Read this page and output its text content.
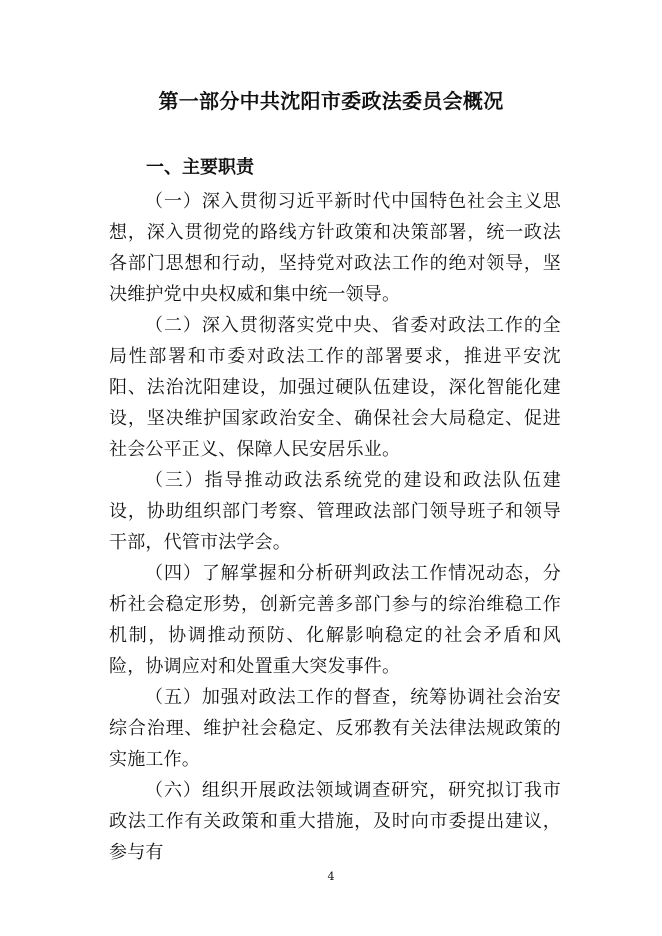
第一部分中共沈阳市委政法委员会概况
一、主要职责

（一）深入贯彻习近平新时代中国特色社会主义思想，深入贯彻党的路线方针政策和决策部署，统一政法各部门思想和行动，坚持党对政法工作的绝对领导，坚决维护党中央权威和集中统一领导。

（二）深入贯彻落实党中央、省委对政法工作的全局性部署和市委对政法工作的部署要求，推进平安沈阳、法治沈阳建设，加强过硬队伍建设，深化智能化建设，坚决维护国家政治安全、确保社会大局稳定、促进社会公平正义、保障人民安居乐业。

（三）指导推动政法系统党的建设和政法队伍建设，协助组织部门考察、管理政法部门领导班子和领导干部，代管市法学会。

（四）了解掌握和分析研判政法工作情况动态，分析社会稳定形势，创新完善多部门参与的综治维稳工作机制，协调推动预防、化解影响稳定的社会矛盾和风险，协调应对和处置重大突发事件。

（五）加强对政法工作的督查，统筹协调社会治安综合治理、维护社会稳定、反邪教有关法律法规政策的实施工作。

（六）组织开展政法领域调查研究，研究拟订我市政法工作有关政策和重大措施，及时向市委提出建议，参与有

4
